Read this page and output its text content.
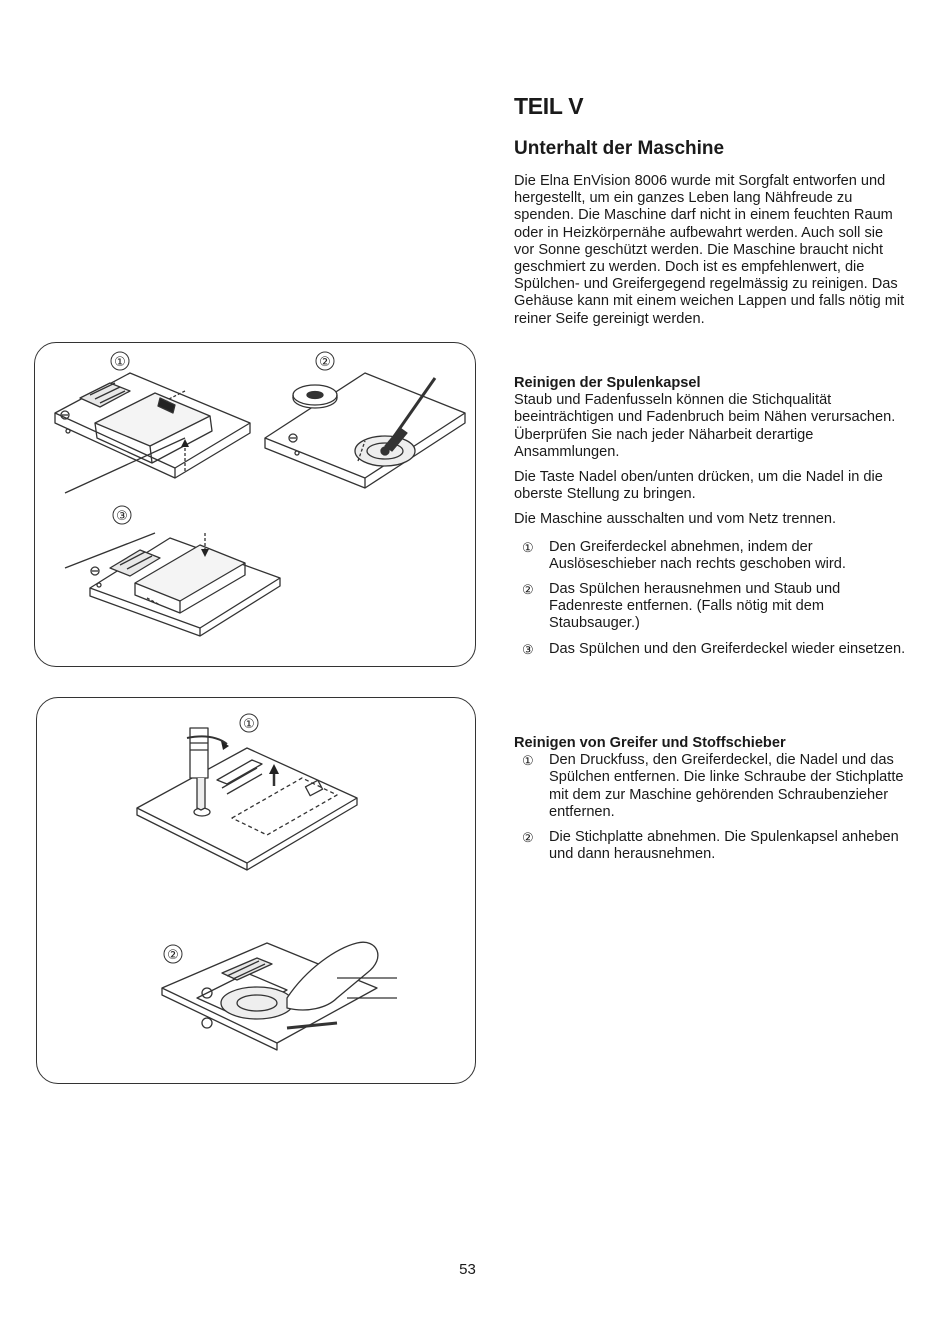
TEIL V
Unterhalt der Maschine

Die Elna EnVision 8006 wurde mit Sorgfalt entworfen und hergestellt, um ein ganzes Leben lang Nähfreude zu spenden. Die Maschine darf nicht in einem feuchten Raum oder in Heizkörpernähe aufbewahrt werden. Auch soll sie vor Sonne geschützt werden. Die Maschine braucht nicht geschmiert zu werden. Doch ist es empfehlenwert, die Spülchen- und Greifergegend regelmässig zu reinigen. Das Gehäuse kann mit einem weichen Lappen und falls nötig mit reiner Seife gereinigt werden.

Reinigen der Spulenkapsel

Staub und Fadenfusseln können die Stichqualität beeinträchtigen und Fadenbruch beim Nähen verursachen. Überprüfen Sie nach jeder Näharbeit derartige Ansammlungen.

Die Taste Nadel oben/unten drücken, um die Nadel in die oberste Stellung zu bringen.

Die Maschine ausschalten und vom Netz trennen.

① Den Greiferdeckel abnehmen, indem der Auslöseschieber nach rechts geschoben wird.
② Das Spülchen herausnehmen und Staub und Fadenreste entfernen. (Falls nötig mit dem Staubsauger.)
③ Das Spülchen und den Greiferdeckel wieder einsetzen.

Reinigen von Greifer und Stoffschieber

① Den Druckfuss, den Greiferdeckel, die Nadel und das Spülchen entfernen. Die linke Schraube der Stichplatte mit dem zur Maschine gehörenden Schraubenzieher entfernen.
② Die Stichplatte abnehmen. Die Spulenkapsel anheben und dann herausnehmen.
①	②
③
①
②
53
